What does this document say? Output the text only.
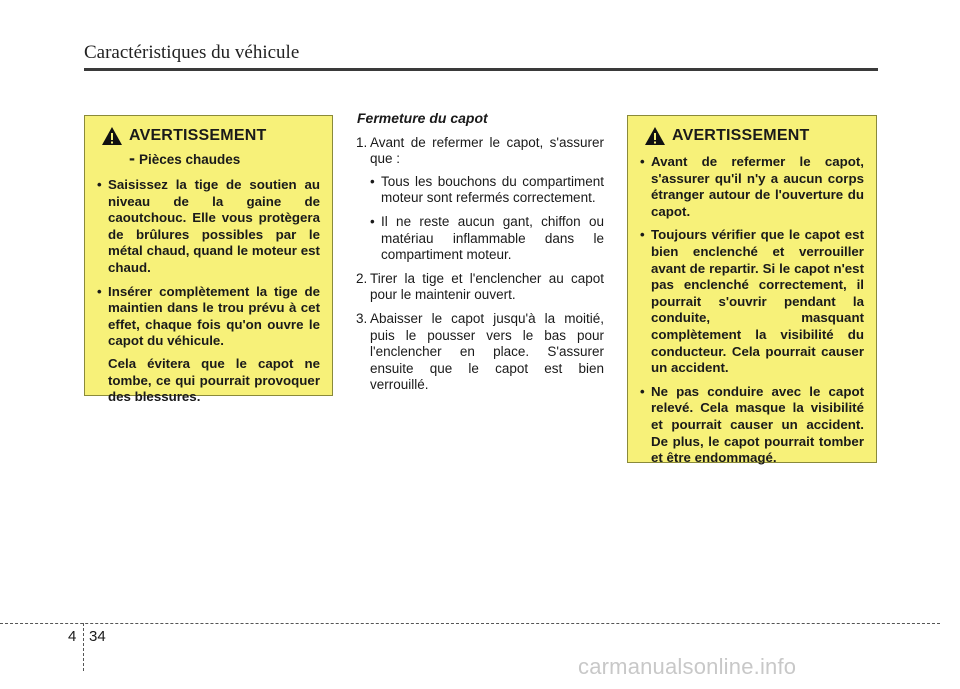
Caractéristiques du véhicule
AVERTISSEMENT
- Pièces chaudes
• Saisissez la tige de soutien au niveau de la gaine de caoutchouc. Elle vous protègera de brûlures possibles par le métal chaud, quand le moteur est chaud.
• Insérer complètement la tige de maintien dans le trou prévu à cet effet, chaque fois qu'on ouvre le capot du véhicule.
Cela évitera que le capot ne tombe, ce qui pourrait provoquer des blessures.
Fermeture du capot
1. Avant de refermer le capot, s'assurer que :
• Tous les bouchons du compartiment moteur sont refermés correctement.
• Il ne reste aucun gant, chiffon ou matériau inflammable dans le compartiment moteur.
2. Tirer la tige et l'enclencher au capot pour le maintenir ouvert.
3. Abaisser le capot jusqu'à la moitié, puis le pousser vers le bas pour l'enclencher en place. S'assurer ensuite que le capot est bien verrouillé.
AVERTISSEMENT
• Avant de refermer le capot, s'assurer qu'il n'y a aucun corps étranger autour de l'ouverture du capot.
• Toujours vérifier que le capot est bien enclenché et verrouiller avant de repartir. Si le capot n'est pas enclenché correctement, il pourrait s'ouvrir pendant la conduite, masquant complètement la visibilité du conducteur. Cela pourrait causer un accident.
• Ne pas conduire avec le capot relevé. Cela masque la visibilité et pourrait causer un accident. De plus, le capot pourrait tomber et être endommagé.
4 34
carmanualsonline.info
